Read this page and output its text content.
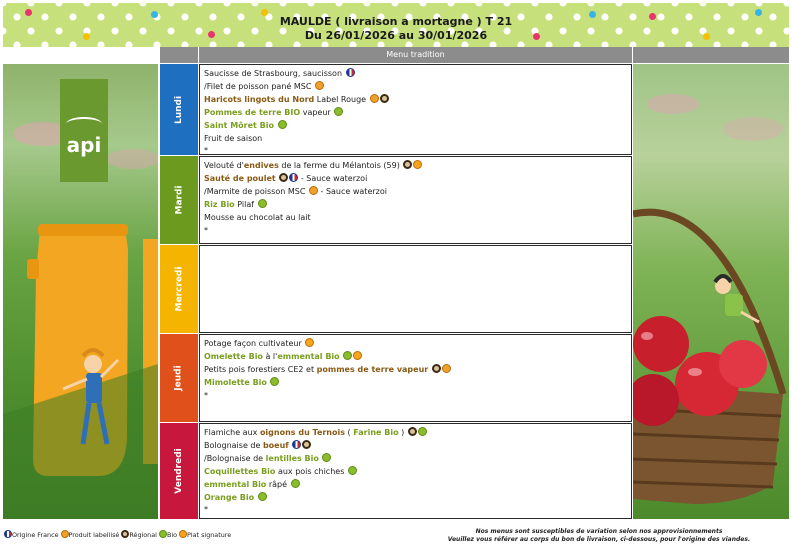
MAULDE ( livraison a mortagne ) T 21
Du 26/01/2026 au 30/01/2026
api
Menu tradition
Lundi
Saucisse de Strasbourg, saucisson
/Filet de poisson pané MSC
Haricots lingots du Nord Label Rouge
Pommes de terre BIO vapeur
Saint Môret Bio
Fruit de saison
*
Mardi
Velouté d'endives de la ferme du Mélantois (59)
Sauté de poulet	- Sauce waterzoi
/Marmite de poisson MSC  - Sauce waterzoi
Riz Bio Pilaf
Mousse au chocolat au lait
*
Mercredi
Jeudi
Potage façon cultivateur
Omelette Bio à l'emmental Bio
Petits pois forestiers CE2 et pommes de terre vapeur
Mimolette Bio
*
Vendredi
Flamiche aux oignons du Ternois ( Farine Bio )
Bolognaise de boeuf
/Bolognaise de lentilles Bio
Coquillettes Bio aux pois chiches
emmental Bio râpé
Orange Bio
*
Origine France Produit labellisé Régional Bio Plat signature	Nos menus sont susceptibles de variation selon nos approvisionnements
Veuillez vous référer au corps du bon de livraison, ci-dessous, pour l'origine des viandes.
